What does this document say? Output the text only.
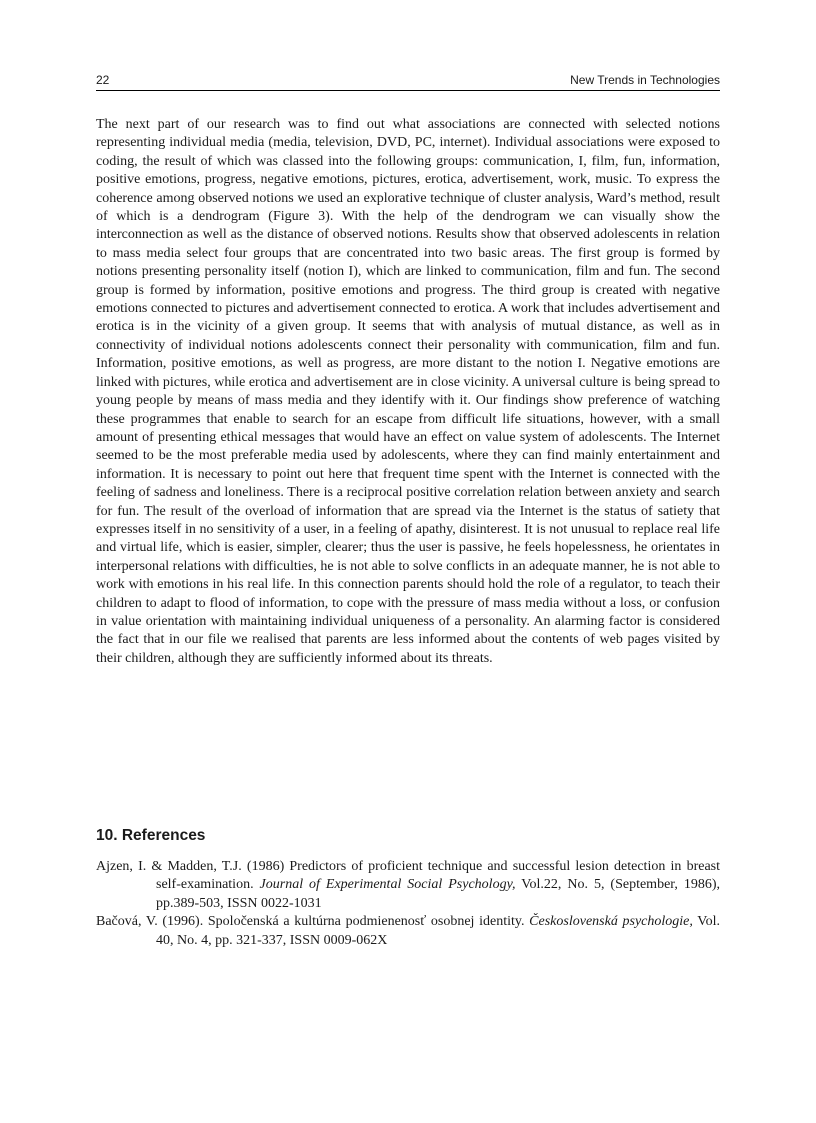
22	New Trends in Technologies

The next part of our research was to find out what associations are connected with selected notions representing individual media (media, television, DVD, PC, internet). Individual associations were exposed to coding, the result of which was classed into the following groups: communication, I, film, fun, information, positive emotions, progress, negative emotions, pictures, erotica, advertisement, work, music. To express the coherence among observed notions we used an explorative technique of cluster analysis, Ward’s method, result of which is a dendrogram (Figure 3). With the help of the dendrogram we can visually show the interconnection as well as the distance of observed notions. Results show that observed adolescents in relation to mass media select four groups that are concentrated into two basic areas. The first group is formed by notions presenting personality itself (notion I), which are linked to communication, film and fun. The second group is formed by information, positive emotions and progress. The third group is created with negative emotions connected to pictures and advertisement connected to erotica. A work that includes advertisement and erotica is in the vicinity of a given group. It seems that with analysis of mutual distance, as well as in connectivity of individual notions adolescents connect their personality with communication, film and fun. Information, positive emotions, as well as progress, are more distant to the notion I. Negative emotions are linked with pictures, while erotica and advertisement are in close vicinity. A universal culture is being spread to young people by means of mass media and they identify with it. Our findings show preference of watching these programmes that enable to search for an escape from difficult life situations, however, with a small amount of presenting ethical messages that would have an effect on value system of adolescents. The Internet seemed to be the most preferable media used by adolescents, where they can find mainly entertainment and information. It is necessary to point out here that frequent time spent with the Internet is connected with the feeling of sadness and loneliness. There is a reciprocal positive correlation relation between anxiety and search for fun. The result of the overload of information that are spread via the Internet is the status of satiety that expresses itself in no sensitivity of a user, in a feeling of apathy, disinterest. It is not unusual to replace real life and virtual life, which is easier, simpler, clearer; thus the user is passive, he feels hopelessness, he orientates in interpersonal relations with difficulties, he is not able to solve conflicts in an adequate manner, he is not able to work with emotions in his real life. In this connection parents should hold the role of a regulator, to teach their children to adapt to flood of information, to cope with the pressure of mass media without a loss, or confusion in value orientation with maintaining individual uniqueness of a personality. An alarming factor is considered the fact that in our file we realised that parents are less informed about the contents of web pages visited by their children, although they are sufficiently informed about its threats.

10. References
Ajzen, I. & Madden, T.J. (1986) Predictors of proficient technique and successful lesion detection in breast self-examination. Journal of Experimental Social Psychology, Vol.22, No. 5, (September, 1986), pp.389-503, ISSN 0022-1031
Bačová, V. (1996). Spoločenská a kultúrna podmienenosť osobnej identity. Československá psychologie, Vol. 40, No. 4, pp. 321-337, ISSN 0009-062X
